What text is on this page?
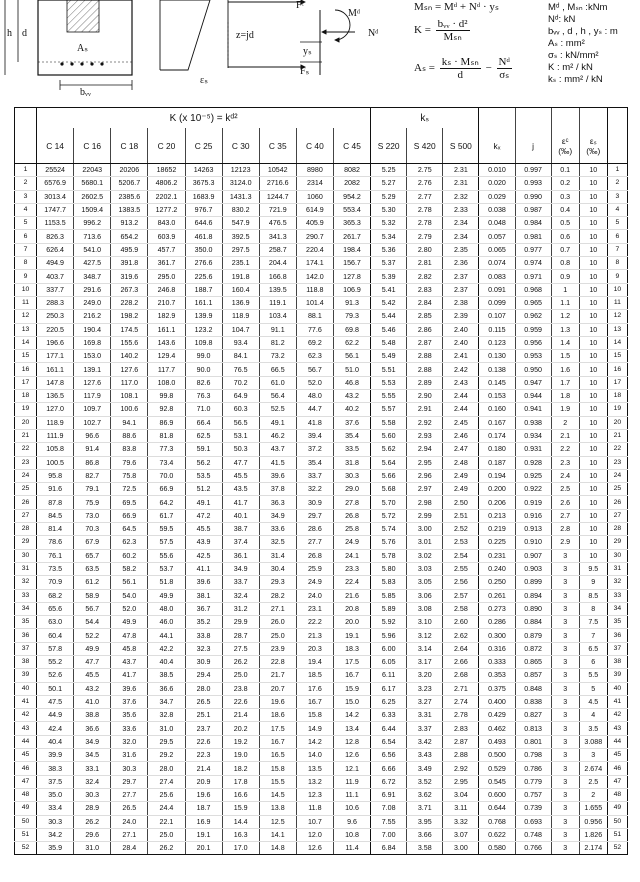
h d
Aₛ
bᵥᵥ
εₛ
z=jd
Fᶜ
Fₛ
yₛ
Mᵈ
Nᵈ
Mₛₙ = Mᵈ + Nᵈ · yₛ
K =
bᵥᵥ · d²
Mₛₙ
Aₛ =
kₛ · Mₛₙ
d
− $\frac{\text{Nᵈ}}{\text{σₛ}}$
Mᵈ , Mₛₙ :kNm
Nᵈ: kN
bᵥᵥ , d , h , yₛ : m
Aₛ : mm²
σₛ : kN/mm²
K : m² / kN
kₛ : mm² / kN
	K (x 10⁻⁵) = kᵈ²									kₛ							
	C 14	C 16	C 18	C 20	C 25	C 30	C 35	C 40	C 45	S 220	S 420	S 500	kₓ	j	εᶜ
(‰)	εₛ
(‰)	
1	25524	22043	20206	18652	14263	12123	10542	8980	8082	5.25	2.75	2.31	0.010	0.997	0.1	10	1
2	6576.9	5680.1	5206.7	4806.2	3675.3	3124.0	2716.6	2314	2082	5.27	2.76	2.31	0.020	0.993	0.2	10	2
3	3013.4	2602.5	2385.6	2202.1	1683.9	1431.3	1244.7	1060	954.2	5.29	2.77	2.32	0.029	0.990	0.3	10	3
4	1747.7	1509.4	1383.5	1277.2	976.7	830.2	721.9	614.9	553.4	5.30	2.78	2.33	0.038	0.987	0.4	10	4
5	1153.5	996.2	913.2	843.0	644.6	547.9	476.5	405.9	365.3	5.32	2.78	2.34	0.048	0.984	0.5	10	5
6	826.3	713.6	654.2	603.9	461.8	392.5	341.3	290.7	261.7	5.34	2.79	2.34	0.057	0.981	0.6	10	6
7	626.4	541.0	495.9	457.7	350.0	297.5	258.7	220.4	198.4	5.36	2.80	2.35	0.065	0.977	0.7	10	7
8	494.9	427.5	391.8	361.7	276.6	235.1	204.4	174.1	156.7	5.37	2.81	2.36	0.074	0.974	0.8	10	8
9	403.7	348.7	319.6	295.0	225.6	191.8	166.8	142.0	127.8	5.39	2.82	2.37	0.083	0.971	0.9	10	9
10	337.7	291.6	267.3	246.8	188.7	160.4	139.5	118.8	106.9	5.41	2.83	2.37	0.091	0.968	1	10	10
11	288.3	249.0	228.2	210.7	161.1	136.9	119.1	101.4	91.3	5.42	2.84	2.38	0.099	0.965	1.1	10	11
12	250.3	216.2	198.2	182.9	139.9	118.9	103.4	88.1	79.3	5.44	2.85	2.39	0.107	0.962	1.2	10	12
13	220.5	190.4	174.5	161.1	123.2	104.7	91.1	77.6	69.8	5.46	2.86	2.40	0.115	0.959	1.3	10	13
14	196.6	169.8	155.6	143.6	109.8	93.4	81.2	69.2	62.2	5.48	2.87	2.40	0.123	0.956	1.4	10	14
15	177.1	153.0	140.2	129.4	99.0	84.1	73.2	62.3	56.1	5.49	2.88	2.41	0.130	0.953	1.5	10	15
16	161.1	139.1	127.6	117.7	90.0	76.5	66.5	56.7	51.0	5.51	2.88	2.42	0.138	0.950	1.6	10	16
17	147.8	127.6	117.0	108.0	82.6	70.2	61.0	52.0	46.8	5.53	2.89	2.43	0.145	0.947	1.7	10	17
18	136.5	117.9	108.1	99.8	76.3	64.9	56.4	48.0	43.2	5.55	2.90	2.44	0.153	0.944	1.8	10	18
19	127.0	109.7	100.6	92.8	71.0	60.3	52.5	44.7	40.2	5.57	2.91	2.44	0.160	0.941	1.9	10	19
20	118.9	102.7	94.1	86.9	66.4	56.5	49.1	41.8	37.6	5.58	2.92	2.45	0.167	0.938	2	10	20
21	111.9	96.6	88.6	81.8	62.5	53.1	46.2	39.4	35.4	5.60	2.93	2.46	0.174	0.934	2.1	10	21
22	105.8	91.4	83.8	77.3	59.1	50.3	43.7	37.2	33.5	5.62	2.94	2.47	0.180	0.931	2.2	10	22
23	100.5	86.8	79.6	73.4	56.2	47.7	41.5	35.4	31.8	5.64	2.95	2.48	0.187	0.928	2.3	10	23
24	95.8	82.7	75.8	70.0	53.5	45.5	39.6	33.7	30.3	5.66	2.96	2.49	0.194	0.925	2.4	10	24
25	91.6	79.1	72.5	66.9	51.2	43.5	37.8	32.2	29.0	5.68	2.97	2.49	0.200	0.922	2.5	10	25
26	87.8	75.9	69.5	64.2	49.1	41.7	36.3	30.9	27.8	5.70	2.98	2.50	0.206	0.919	2.6	10	26
27	84.5	73.0	66.9	61.7	47.2	40.1	34.9	29.7	26.8	5.72	2.99	2.51	0.213	0.916	2.7	10	27
28	81.4	70.3	64.5	59.5	45.5	38.7	33.6	28.6	25.8	5.74	3.00	2.52	0.219	0.913	2.8	10	28
29	78.6	67.9	62.3	57.5	43.9	37.4	32.5	27.7	24.9	5.76	3.01	2.53	0.225	0.910	2.9	10	29
30	76.1	65.7	60.2	55.6	42.5	36.1	31.4	26.8	24.1	5.78	3.02	2.54	0.231	0.907	3	10	30
31	73.5	63.5	58.2	53.7	41.1	34.9	30.4	25.9	23.3	5.80	3.03	2.55	0.240	0.903	3	9.5	31
32	70.9	61.2	56.1	51.8	39.6	33.7	29.3	24.9	22.4	5.83	3.05	2.56	0.250	0.899	3	9	32
33	68.2	58.9	54.0	49.9	38.1	32.4	28.2	24.0	21.6	5.85	3.06	2.57	0.261	0.894	3	8.5	33
34	65.6	56.7	52.0	48.0	36.7	31.2	27.1	23.1	20.8	5.89	3.08	2.58	0.273	0.890	3	8	34
35	63.0	54.4	49.9	46.0	35.2	29.9	26.0	22.2	20.0	5.92	3.10	2.60	0.286	0.884	3	7.5	35
36	60.4	52.2	47.8	44.1	33.8	28.7	25.0	21.3	19.1	5.96	3.12	2.62	0.300	0.879	3	7	36
37	57.8	49.9	45.8	42.2	32.3	27.5	23.9	20.3	18.3	6.00	3.14	2.64	0.316	0.872	3	6.5	37
38	55.2	47.7	43.7	40.4	30.9	26.2	22.8	19.4	17.5	6.05	3.17	2.66	0.333	0.865	3	6	38
39	52.6	45.5	41.7	38.5	29.4	25.0	21.7	18.5	16.7	6.11	3.20	2.68	0.353	0.857	3	5.5	39
40	50.1	43.2	39.6	36.6	28.0	23.8	20.7	17.6	15.9	6.17	3.23	2.71	0.375	0.848	3	5	40
41	47.5	41.0	37.6	34.7	26.5	22.6	19.6	16.7	15.0	6.25	3.27	2.74	0.400	0.838	3	4.5	41
42	44.9	38.8	35.6	32.8	25.1	21.4	18.6	15.8	14.2	6.33	3.31	2.78	0.429	0.827	3	4	42
43	42.4	36.6	33.6	31.0	23.7	20.2	17.5	14.9	13.4	6.44	3.37	2.83	0.462	0.813	3	3.5	43
44	40.4	34.9	32.0	29.5	22.6	19.2	16.7	14.2	12.8	6.54	3.42	2.87	0.493	0.801	3	3.088	44
45	39.9	34.5	31.6	29.2	22.3	19.0	16.5	14.0	12.6	6.56	3.43	2.88	0.500	0.798	3	3	45
46	38.3	33.1	30.3	28.0	21.4	18.2	15.8	13.5	12.1	6.66	3.49	2.92	0.529	0.786	3	2.674	46
47	37.5	32.4	29.7	27.4	20.9	17.8	15.5	13.2	11.9	6.72	3.52	2.95	0.545	0.779	3	2.5	47
48	35.0	30.3	27.7	25.6	19.6	16.6	14.5	12.3	11.1	6.91	3.62	3.04	0.600	0.757	3	2	48
49	33.4	28.9	26.5	24.4	18.7	15.9	13.8	11.8	10.6	7.08	3.71	3.11	0.644	0.739	3	1.655	49
50	30.3	26.2	24.0	22.1	16.9	14.4	12.5	10.7	9.6	7.55	3.95	3.32	0.768	0.693	3	0.956	50
51	34.2	29.6	27.1	25.0	19.1	16.3	14.1	12.0	10.8	7.00	3.66	3.07	0.622	0.748	3	1.826	51
52	35.9	31.0	28.4	26.2	20.1	17.0	14.8	12.6	11.4	6.84	3.58	3.00	0.580	0.766	3	2.174	52
